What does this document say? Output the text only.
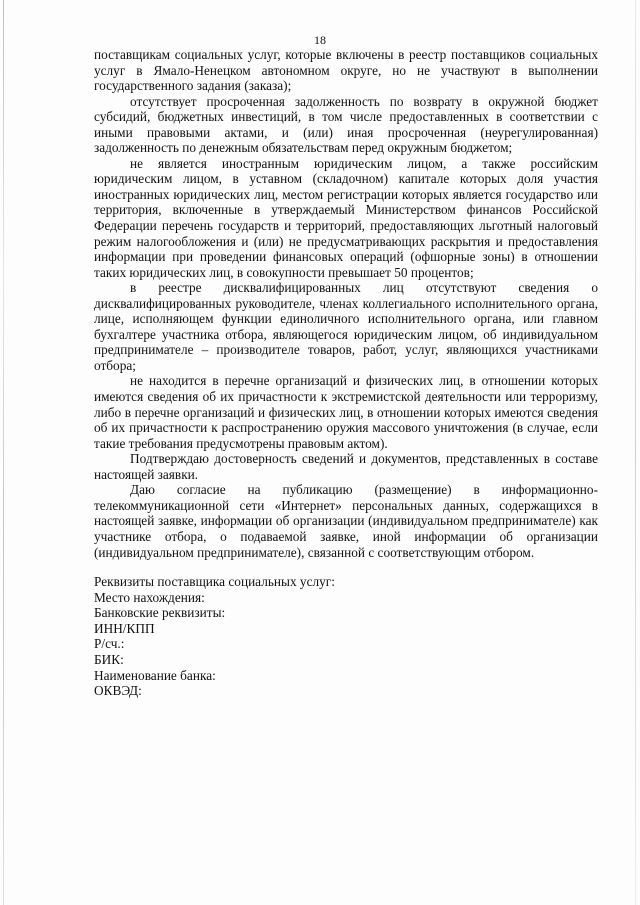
18

поставщикам социальных услуг, которые включены в реестр поставщиков социальных услуг в Ямало-Ненецком автономном округе, но не участвуют в выполнении государственного задания (заказа);

отсутствует просроченная задолженность по возврату в окружной бюджет субсидий, бюджетных инвестиций, в том числе предоставленных в соответствии с иными правовыми актами, и (или) иная просроченная (неурегулированная) задолженность по денежным обязательствам перед окружным бюджетом;

не является иностранным юридическим лицом, а также российским юридическим лицом, в уставном (складочном) капитале которых доля участия иностранных юридических лиц, местом регистрации которых является государство или территория, включенные в утверждаемый Министерством финансов Российской Федерации перечень государств и территорий, предоставляющих льготный налоговый режим налогообложения и (или) не предусматривающих раскрытия и предоставления информации при проведении финансовых операций (офшорные зоны) в отношении таких юридических лиц, в совокупности превышает 50 процентов;

в реестре дисквалифицированных лиц отсутствуют сведения о дисквалифицированных руководителе, членах коллегиального исполнительного органа, лице, исполняющем функции единоличного исполнительного органа, или главном бухгалтере участника отбора, являющегося юридическим лицом, об индивидуальном предпринимателе – производителе товаров, работ, услуг, являющихся участниками отбора;

не находится в перечне организаций и физических лиц, в отношении которых имеются сведения об их причастности к экстремистской деятельности или терроризму, либо в перечне организаций и физических лиц, в отношении которых имеются сведения об их причастности к распространению оружия массового уничтожения (в случае, если такие требования предусмотрены правовым актом).

Подтверждаю достоверность сведений и документов, представленных в составе настоящей заявки.

Даю согласие на публикацию (размещение) в информационно-телекоммуникационной сети «Интернет» персональных данных, содержащихся в настоящей заявке, информации об организации (индивидуальном предпринимателе) как участнике отбора, о подаваемой заявке, иной информации об организации (индивидуальном предпринимателе), связанной с соответствующим отбором.

Реквизиты поставщика социальных услуг:
Место нахождения:
Банковские реквизиты:
ИНН/КПП
Р/сч.:
БИК:
Наименование банка:
ОКВЭД:
